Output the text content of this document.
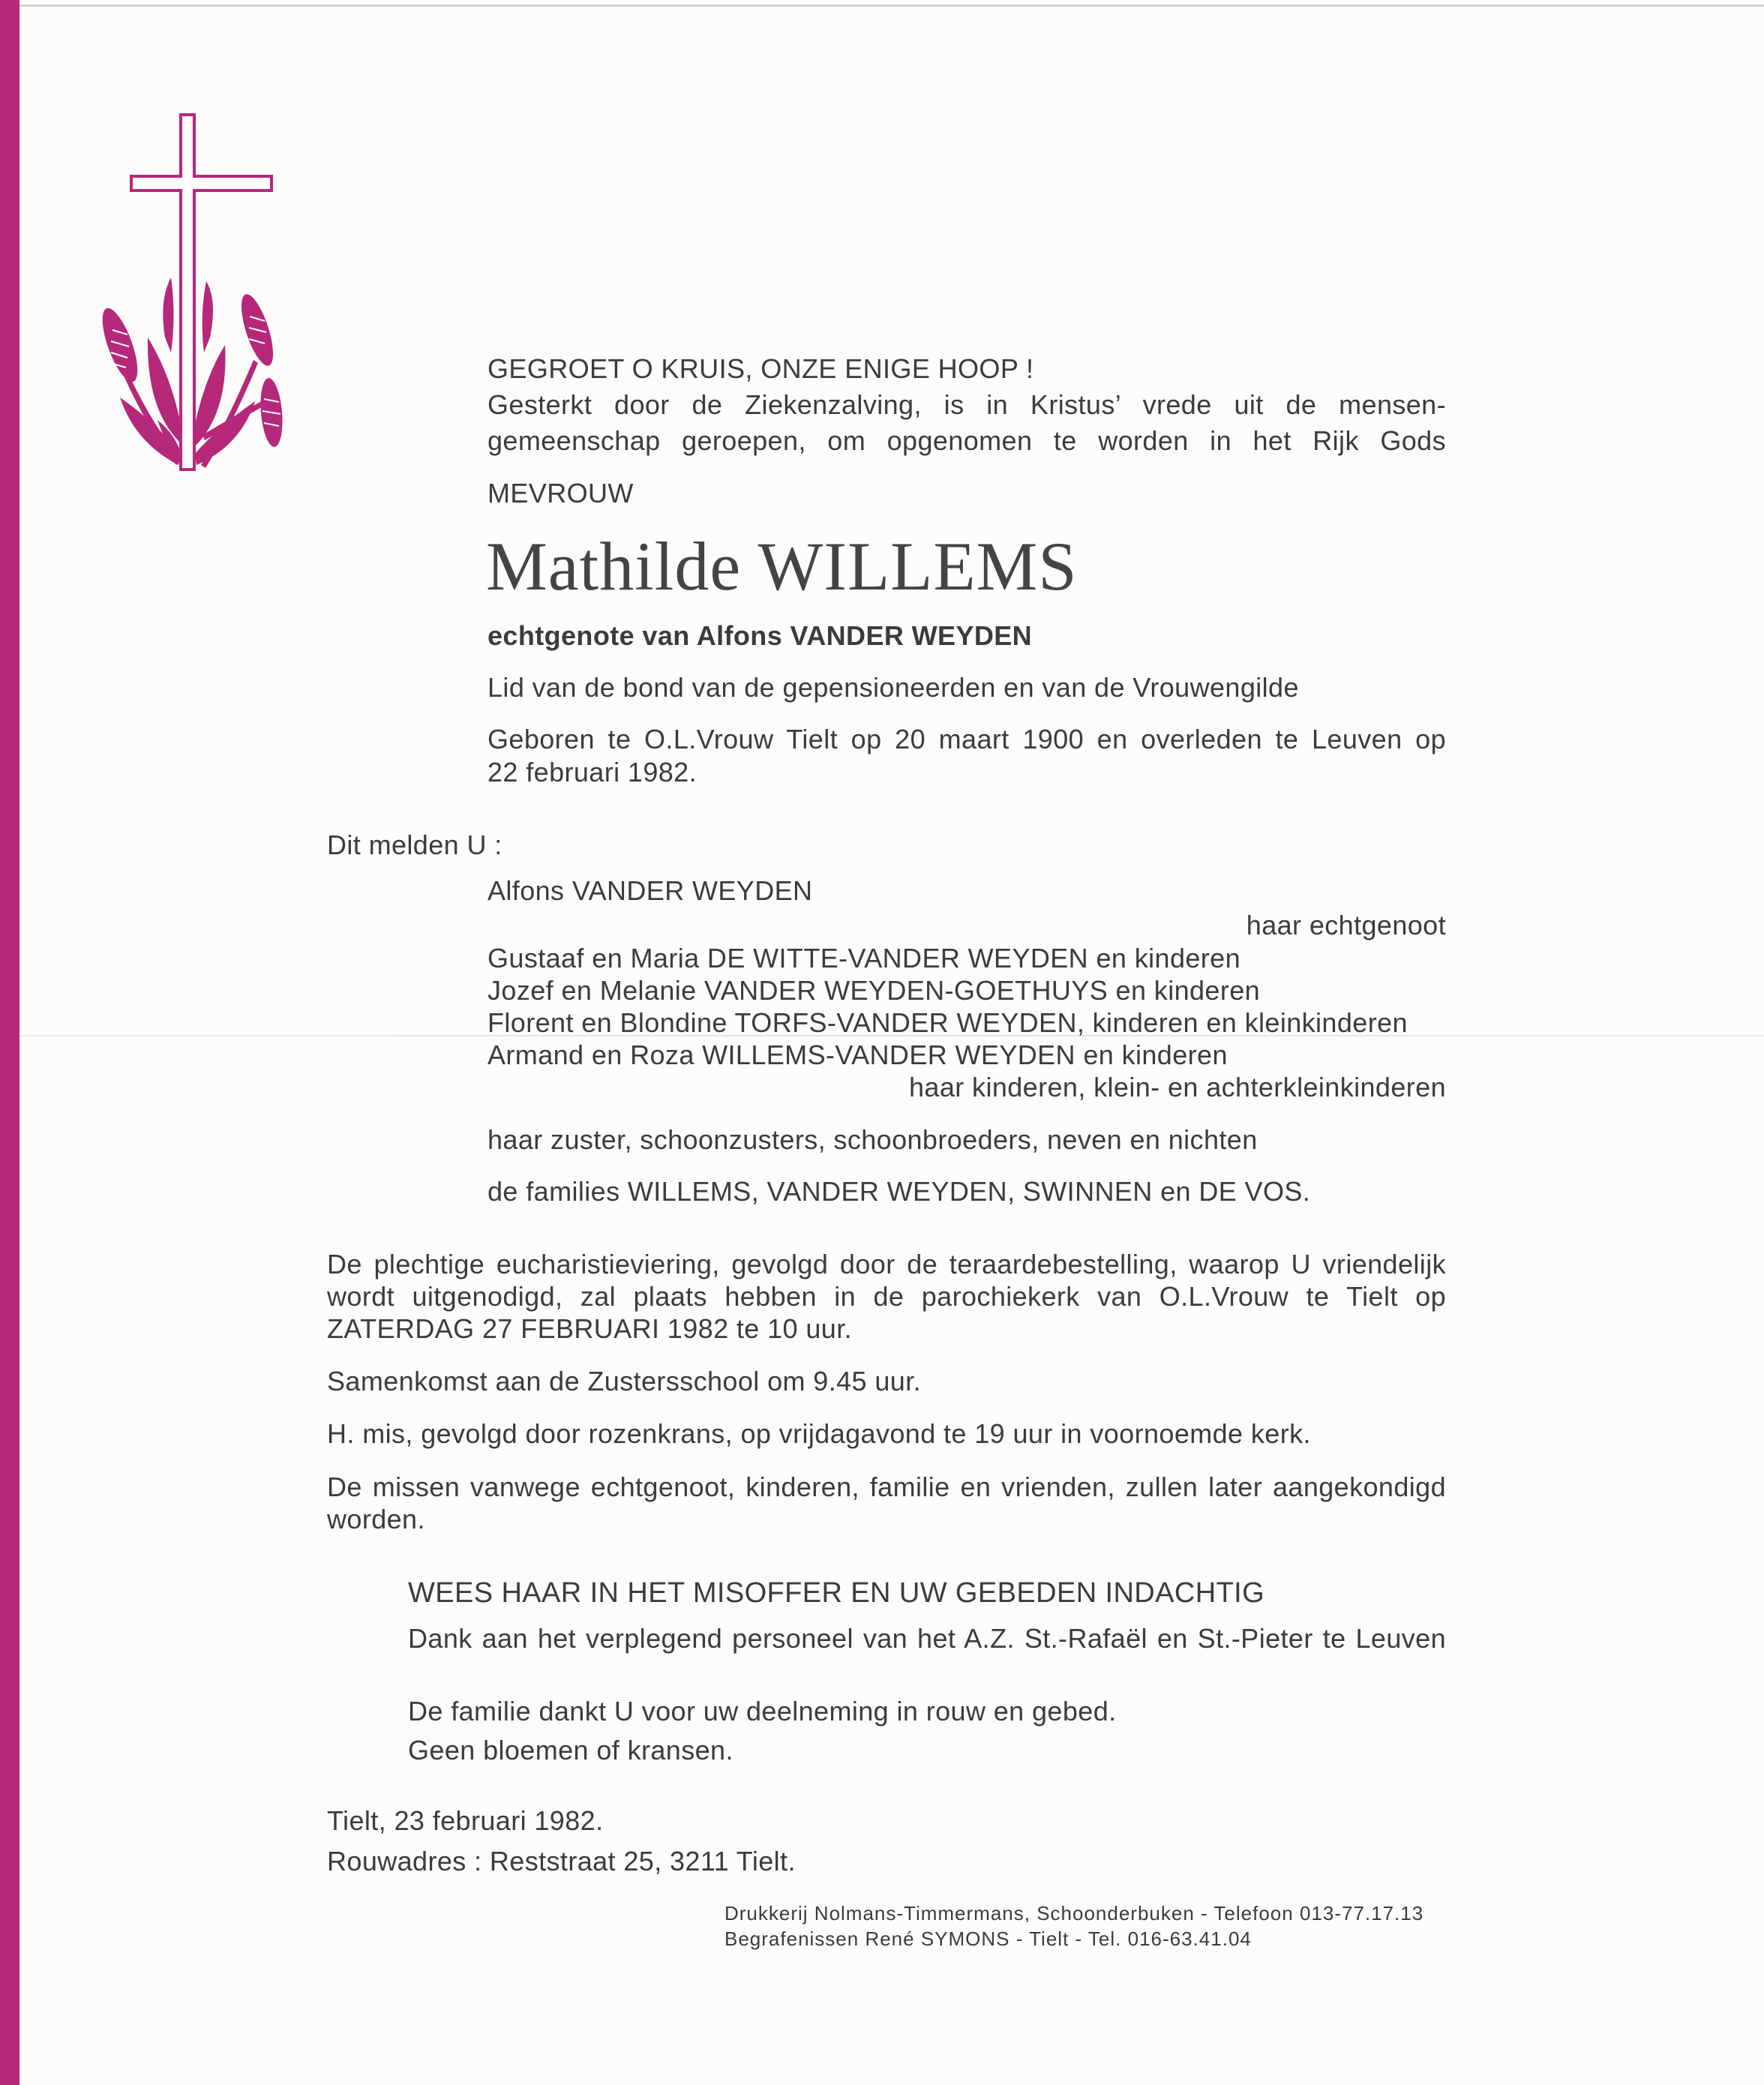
GEGROET O KRUIS, ONZE ENIGE HOOP !

Gesterkt door de Ziekenzalving, is in Kristus’ vrede uit de mensen-

gemeenschap geroepen, om opgenomen te worden in het Rijk Gods

MEVROUW

Mathilde WILLEMS

echtgenote van Alfons VANDER WEYDEN

Lid van de bond van de gepensioneerden en van de Vrouwengilde

Geboren te O.L.Vrouw Tielt op 20 maart 1900 en overleden te Leuven op

22 februari 1982.

Dit melden U :

Alfons VANDER WEYDEN

haar echtgenoot

Gustaaf en Maria DE WITTE-VANDER WEYDEN en kinderen

Jozef en Melanie VANDER WEYDEN-GOETHUYS en kinderen

Florent en Blondine TORFS-VANDER WEYDEN, kinderen en kleinkinderen

Armand en Roza WILLEMS-VANDER WEYDEN en kinderen

haar kinderen, klein- en achterkleinkinderen

haar zuster, schoonzusters, schoonbroeders, neven en nichten

de families WILLEMS, VANDER WEYDEN, SWINNEN en DE VOS.

De plechtige eucharistieviering, gevolgd door de teraardebestelling, waarop U vriendelijk

wordt uitgenodigd, zal plaats hebben in de parochiekerk van O.L.Vrouw te Tielt op

ZATERDAG 27 FEBRUARI 1982 te 10 uur.

Samenkomst aan de Zustersschool om 9.45 uur.

H. mis, gevolgd door rozenkrans, op vrijdagavond te 19 uur in voornoemde kerk.

De missen vanwege echtgenoot, kinderen, familie en vrienden, zullen later aangekondigd

worden.

WEES HAAR IN HET MISOFFER EN UW GEBEDEN INDACHTIG

Dank aan het verplegend personeel van het A.Z. St.-Rafaël en St.-Pieter te Leuven

De familie dankt U voor uw deelneming in rouw en gebed.

Geen bloemen of kransen.

Tielt, 23 februari 1982.

Rouwadres : Reststraat 25, 3211 Tielt.

Drukkerij Nolmans-Timmermans, Schoonderbuken - Telefoon 013-77.17.13

Begrafenissen René SYMONS - Tielt - Tel. 016-63.41.04
